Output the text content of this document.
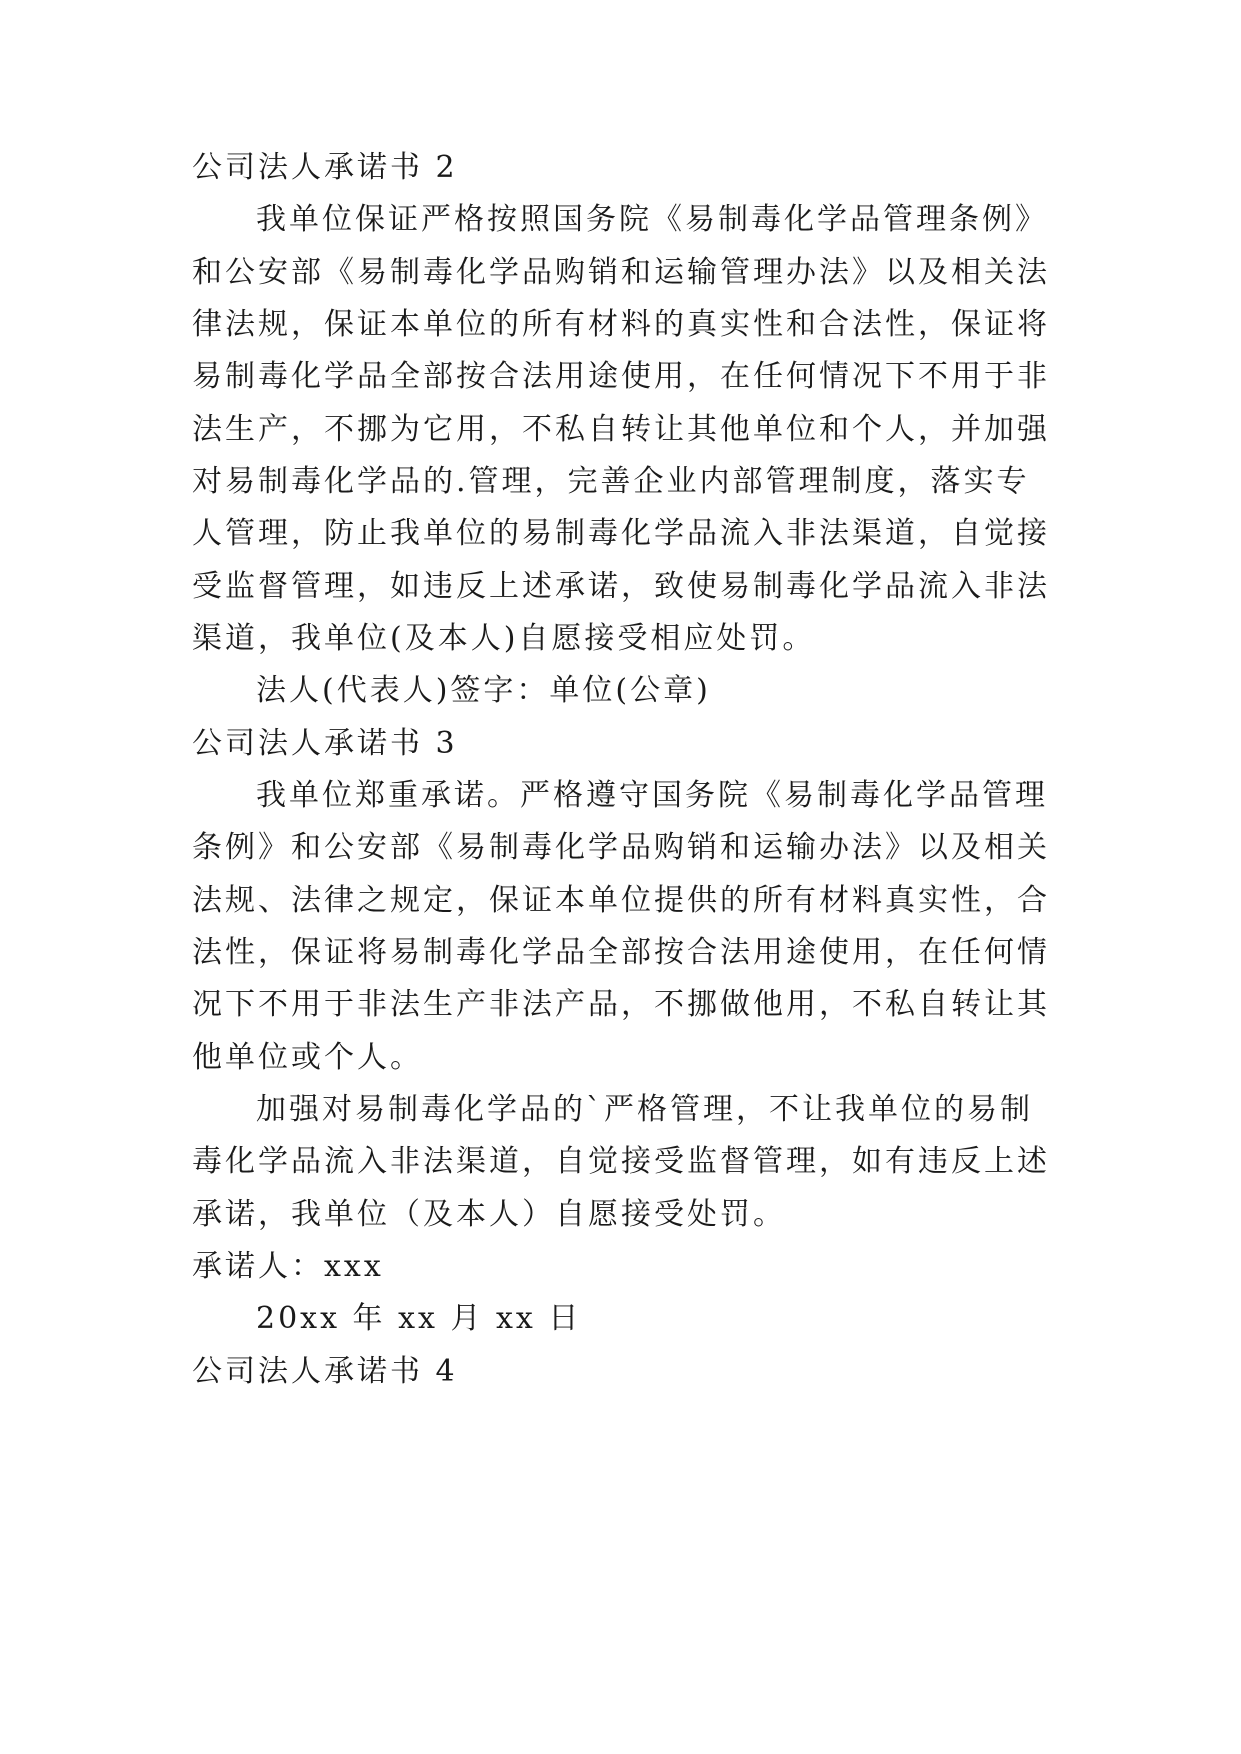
公司法人承诺书 2
我单位保证严格按照国务院《易制毒化学品管理条例》
和公安部《易制毒化学品购销和运输管理办法》以及相关法
律法规，保证本单位的所有材料的真实性和合法性，保证将
易制毒化学品全部按合法用途使用，在任何情况下不用于非
法生产，不挪为它用，不私自转让其他单位和个人，并加强
对易制毒化学品的.管理，完善企业内部管理制度，落实专
人管理，防止我单位的易制毒化学品流入非法渠道，自觉接
受监督管理，如违反上述承诺，致使易制毒化学品流入非法
渠道，我单位(及本人)自愿接受相应处罚。
法人(代表人)签字：单位(公章)
公司法人承诺书 3
我单位郑重承诺。严格遵守国务院《易制毒化学品管理
条例》和公安部《易制毒化学品购销和运输办法》以及相关
法规、法律之规定，保证本单位提供的所有材料真实性，合
法性，保证将易制毒化学品全部按合法用途使用，在任何情
况下不用于非法生产非法产品，不挪做他用，不私自转让其
他单位或个人。
加强对易制毒化学品的`严格管理，不让我单位的易制
毒化学品流入非法渠道，自觉接受监督管理，如有违反上述
承诺，我单位（及本人）自愿接受处罚。
承诺人：xxx
20xx 年 xx 月 xx 日
公司法人承诺书 4
